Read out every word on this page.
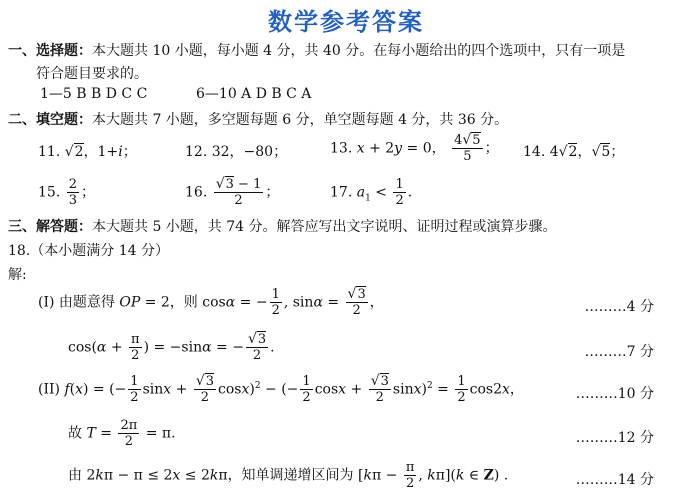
数学参考答案
一、选择题：本大题共 10 小题，每小题 4 分，共 40 分。在每小题给出的四个选项中，只有一项是
符合题目要求的。
1—5 B B D C C	6—10 A D B C A
二、填空题：本大题共 7 小题，多空题每题 6 分，单空题每题 4 分，共 36 分。
11. √2，1+i；	12. 32，−80；	13. x + 2y = 0， $\frac{4√5}{5}$ ； 14. 4√2，√5；
15. $\frac{2}{3}$ ；	16. $\frac{√3 - 1}{2}$ ；	17. $a_1 < \frac{1}{2}$ .
三、解答题：本大题共 5 小题，共 74 分。解答应写出文字说明、证明过程或演算步骤。
18.（本小题满分 14 分）
解:
(I) 由题意得 OP = 2，则 cosα = − $\frac{1}{2}$ , $\sin\alpha = \frac{√3}{2}$ ，	………4 分
$\cos(\alpha + \frac{\pi}{2}$ ) = −sinα = − $\frac{√3}{2}$ .	………7 分
(II) f(x) = (− $\frac{1}{2}$ $\sin x + \frac{√3}{2} \cos x)^2$ − (− $\frac{1}{2}$ $\cos x + \frac{√3}{2} \sin x)^2 = \frac{1}{2} \cos 2x$，	………10 分
故 $T = \frac{2\pi}{2} = \pi$.	………12 分
由 2kπ − π ≤ 2x ≤ 2kπ，知单调递增区间为 [$k\pi - \frac{\pi}{2}$ , kπ](k ∈ Z) .	………14 分
